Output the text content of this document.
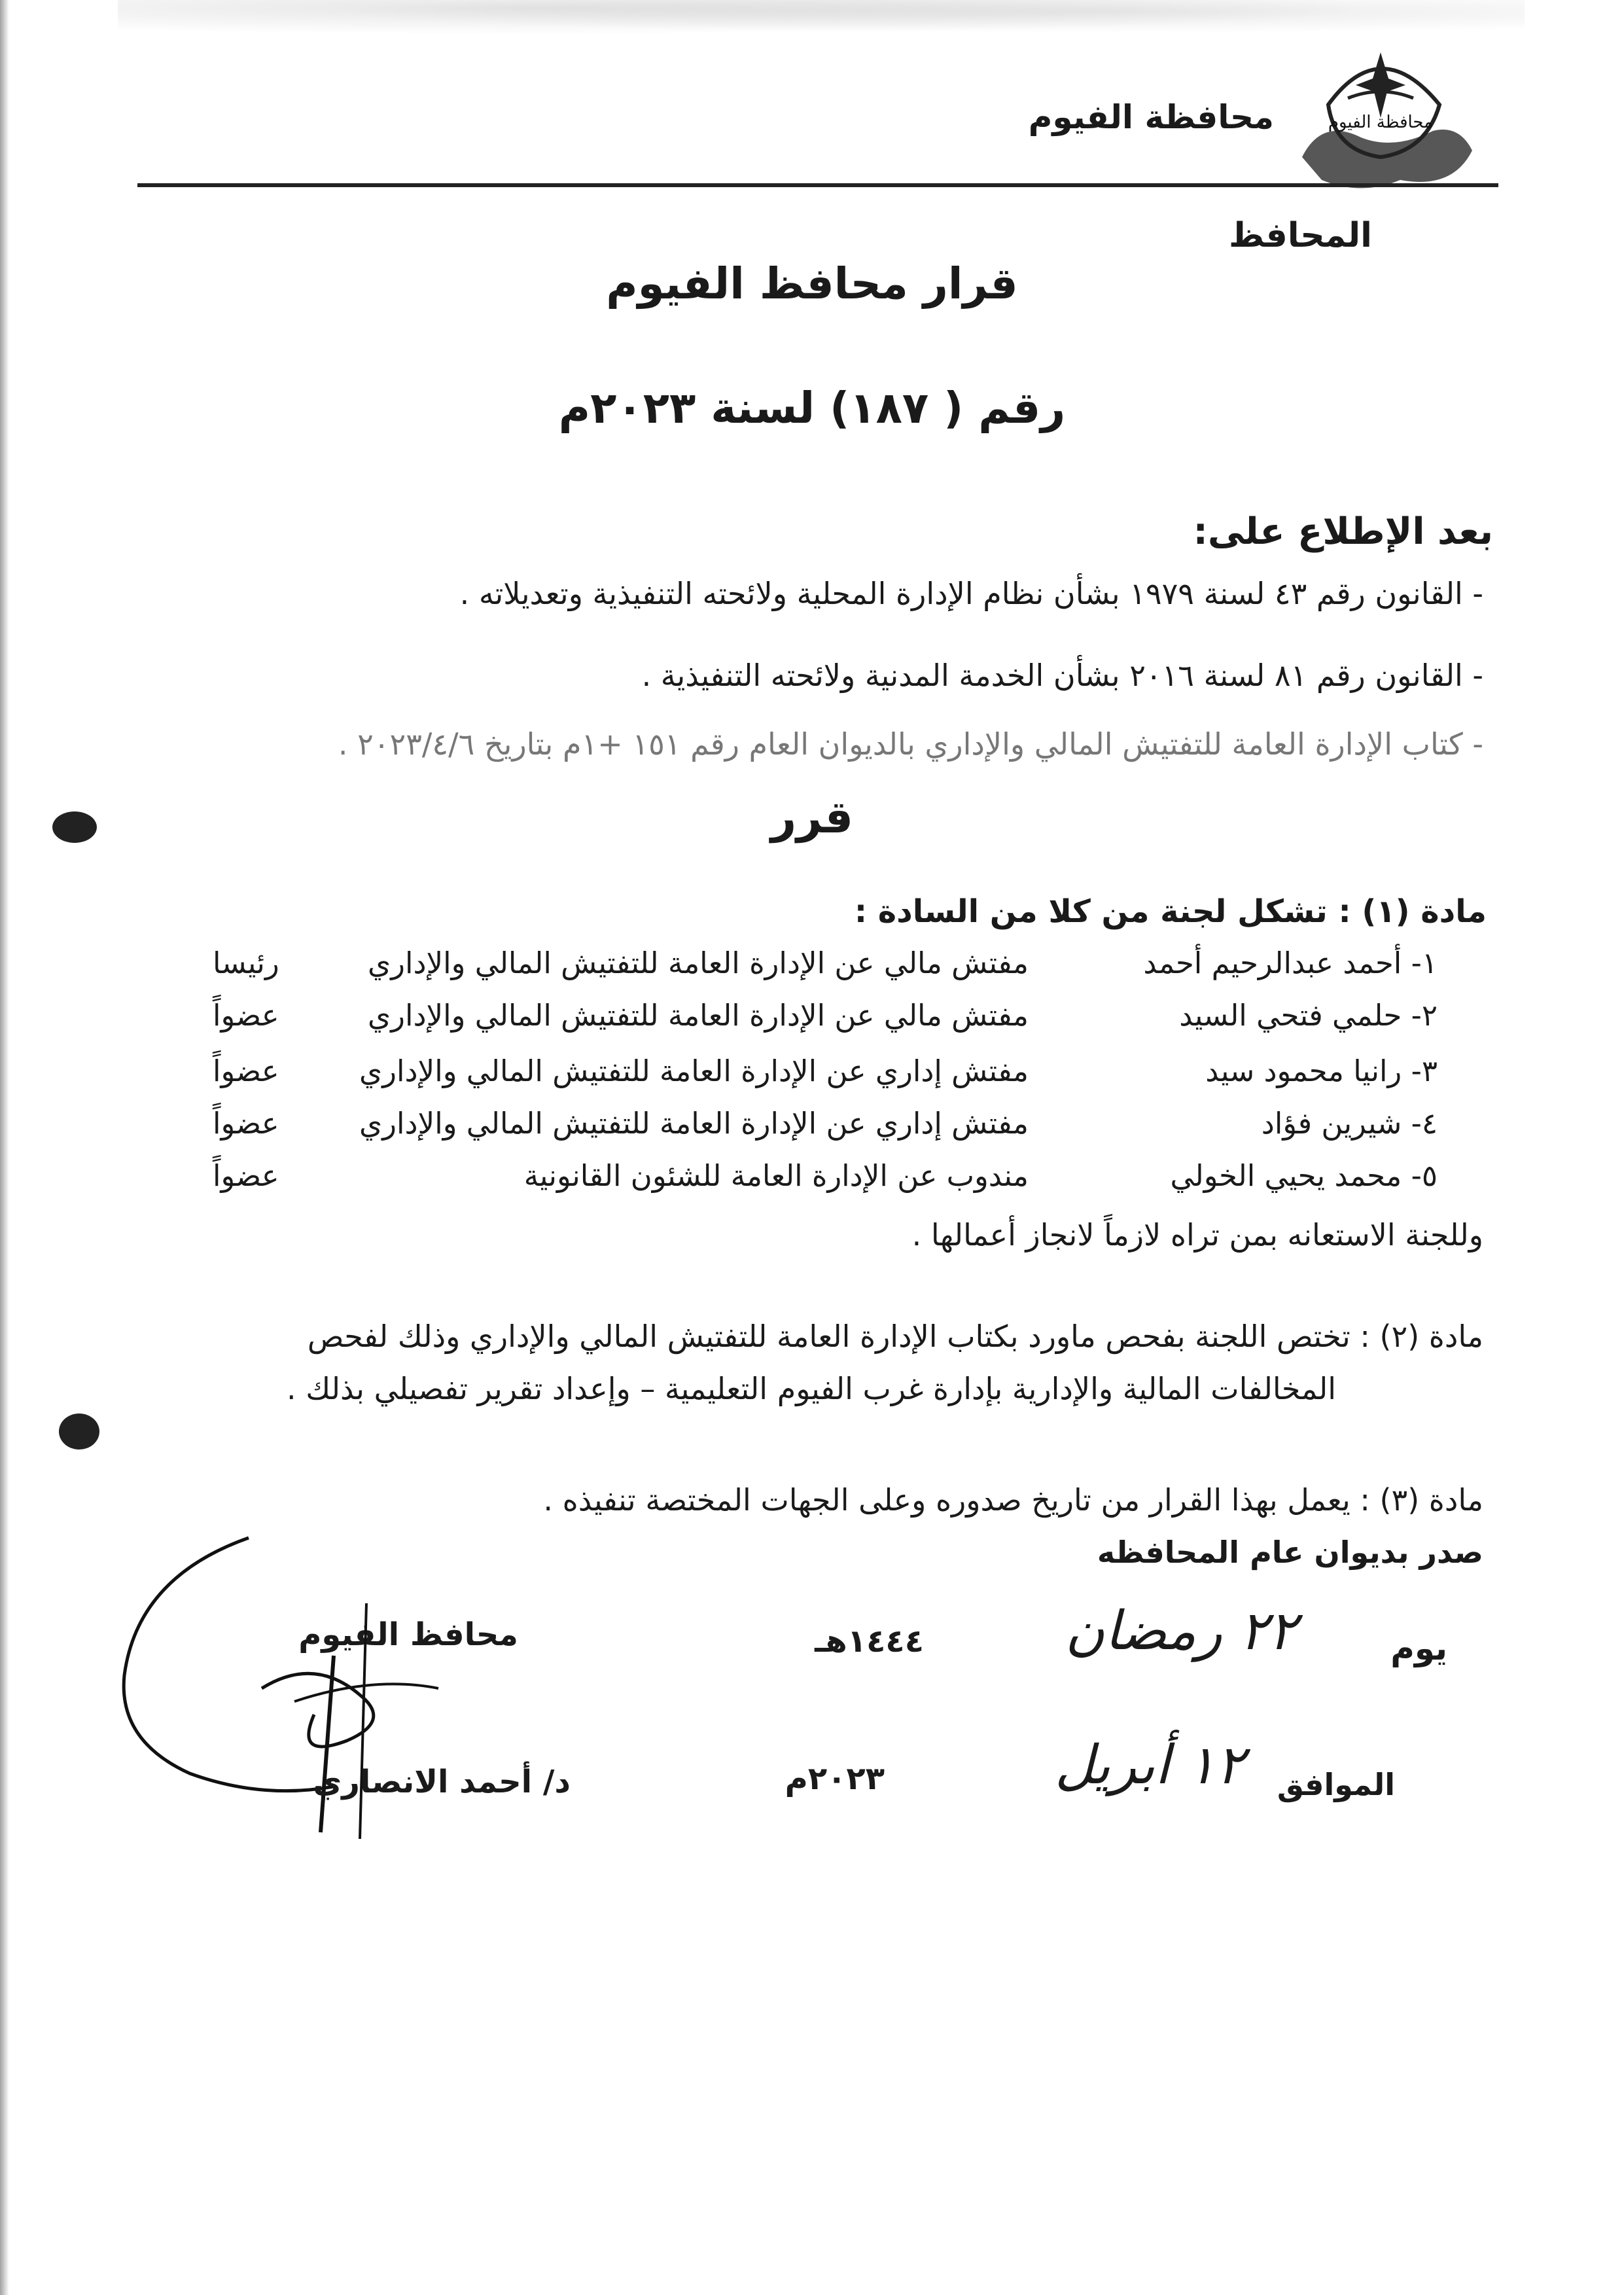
محافظة الفيوم
محافظة الفيوم
المحافظ
قرار محافظ الفيوم
رقم ( ١٨٧) لسنة ٢٠٢٣م
بعد الإطلاع على:
- القانون رقم ٤٣ لسنة ١٩٧٩ بشأن نظام الإدارة المحلية ولائحته التنفيذية وتعديلاته .
- القانون رقم ٨١ لسنة ٢٠١٦ بشأن الخدمة المدنية ولائحته التنفيذية .
- كتاب الإدارة العامة للتفتيش المالي والإداري بالديوان العام رقم ١٥١ +١م بتاريخ ٢٠٢٣/٤/٦ .
قرر
مادة (١) : تشكل لجنة من كلا من السادة :
١- أحمد عبدالرحيم أحمد
مفتش مالي عن الإدارة العامة للتفتيش المالي والإداري
رئيسا
٢- حلمي فتحي السيد
مفتش مالي عن الإدارة العامة للتفتيش المالي والإداري
عضواً
٣- رانيا محمود سيد
مفتش إداري عن الإدارة العامة للتفتيش المالي والإداري
عضواً
٤- شيرين فؤاد
مفتش إداري عن الإدارة العامة للتفتيش المالي والإداري
عضواً
٥- محمد يحيي الخولي
مندوب عن الإدارة العامة للشئون القانونية
عضواً
وللجنة الاستعانه بمن تراه لازماً لانجاز أعمالها .
مادة (٢) : تختص اللجنة بفحص ماورد بكتاب الإدارة العامة للتفتيش المالي والإداري وذلك لفحص
المخالفات المالية والإدارية بإدارة غرب الفيوم التعليمية – وإعداد تقرير تفصيلي بذلك .
مادة (٣) : يعمل بهذا القرار من تاريخ صدوره وعلى الجهات المختصة تنفيذه .
صدر بديوان عام المحافظه
محافظ الفيوم
د/ أحمد الانصاري
يوم
٢٢ رمضان
١٤٤٤هـ
الموافق
١٢ أبريل
٢٠٢٣م
